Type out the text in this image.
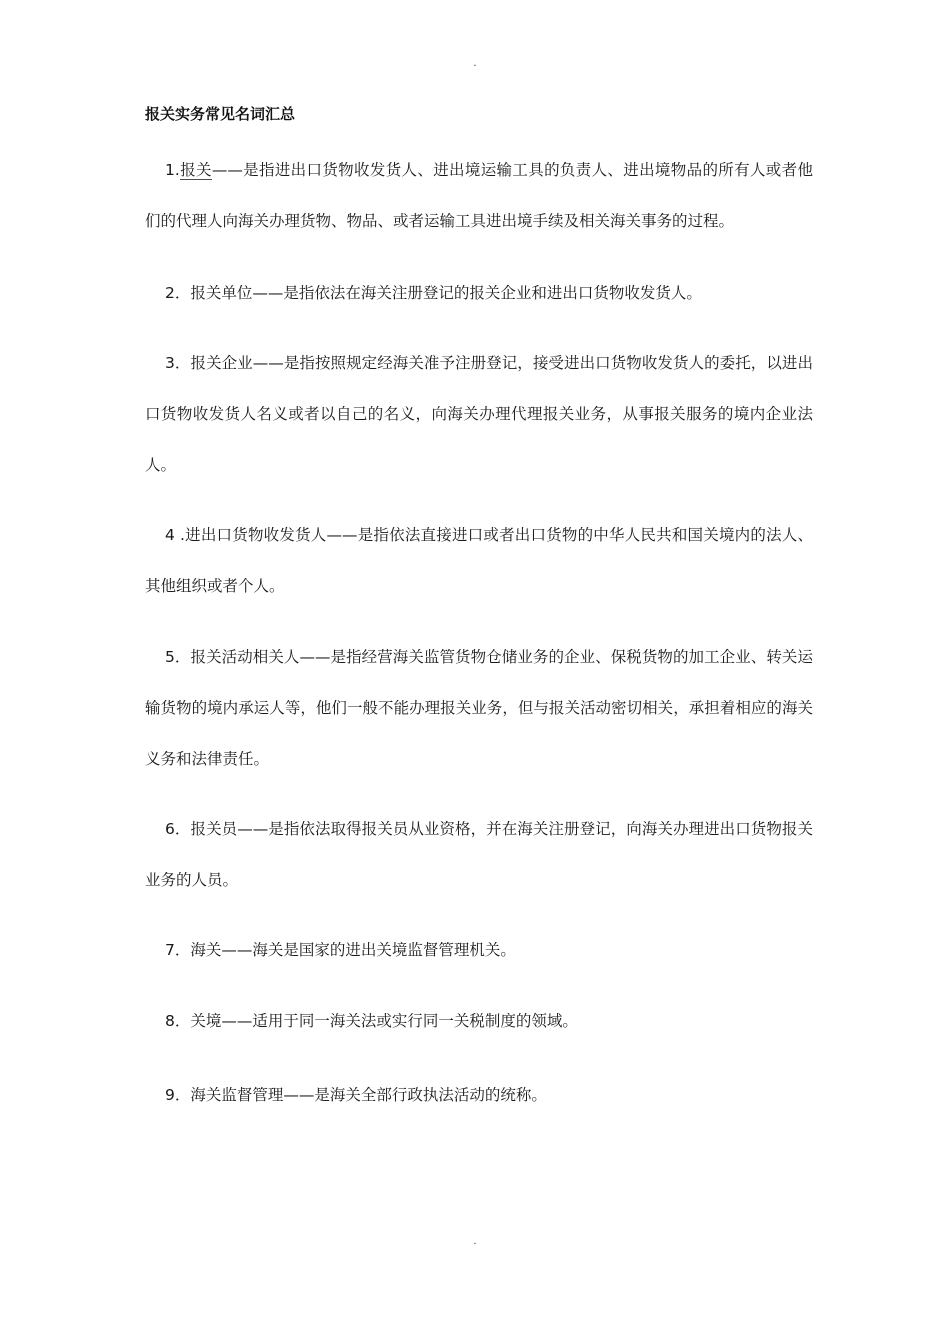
·
报关实务常见名词汇总

1.报关——是指进出口货物收发货人、进出境运输工具的负责人、进出境物品的所有人或者他们的代理人向海关办理货物、物品、或者运输工具进出境手续及相关海关事务的过程。

2．报关单位——是指依法在海关注册登记的报关企业和进出口货物收发货人。

3．报关企业——是指按照规定经海关准予注册登记，接受进出口货物收发货人的委托，以进出口货物收发货人名义或者以自己的名义，向海关办理代理报关业务，从事报关服务的境内企业法人。

4 .进出口货物收发货人——是指依法直接进口或者出口货物的中华人民共和国关境内的法人、其他组织或者个人。

5．报关活动相关人——是指经营海关监管货物仓储业务的企业、保税货物的加工企业、转关运输货物的境内承运人等，他们一般不能办理报关业务，但与报关活动密切相关，承担着相应的海关义务和法律责任。

6．报关员——是指依法取得报关员从业资格，并在海关注册登记，向海关办理进出口货物报关业务的人员。

7．海关——海关是国家的进出关境监督管理机关。

8．关境——适用于同一海关法或实行同一关税制度的领域。

9．海关监督管理——是海关全部行政执法活动的统称。

·
